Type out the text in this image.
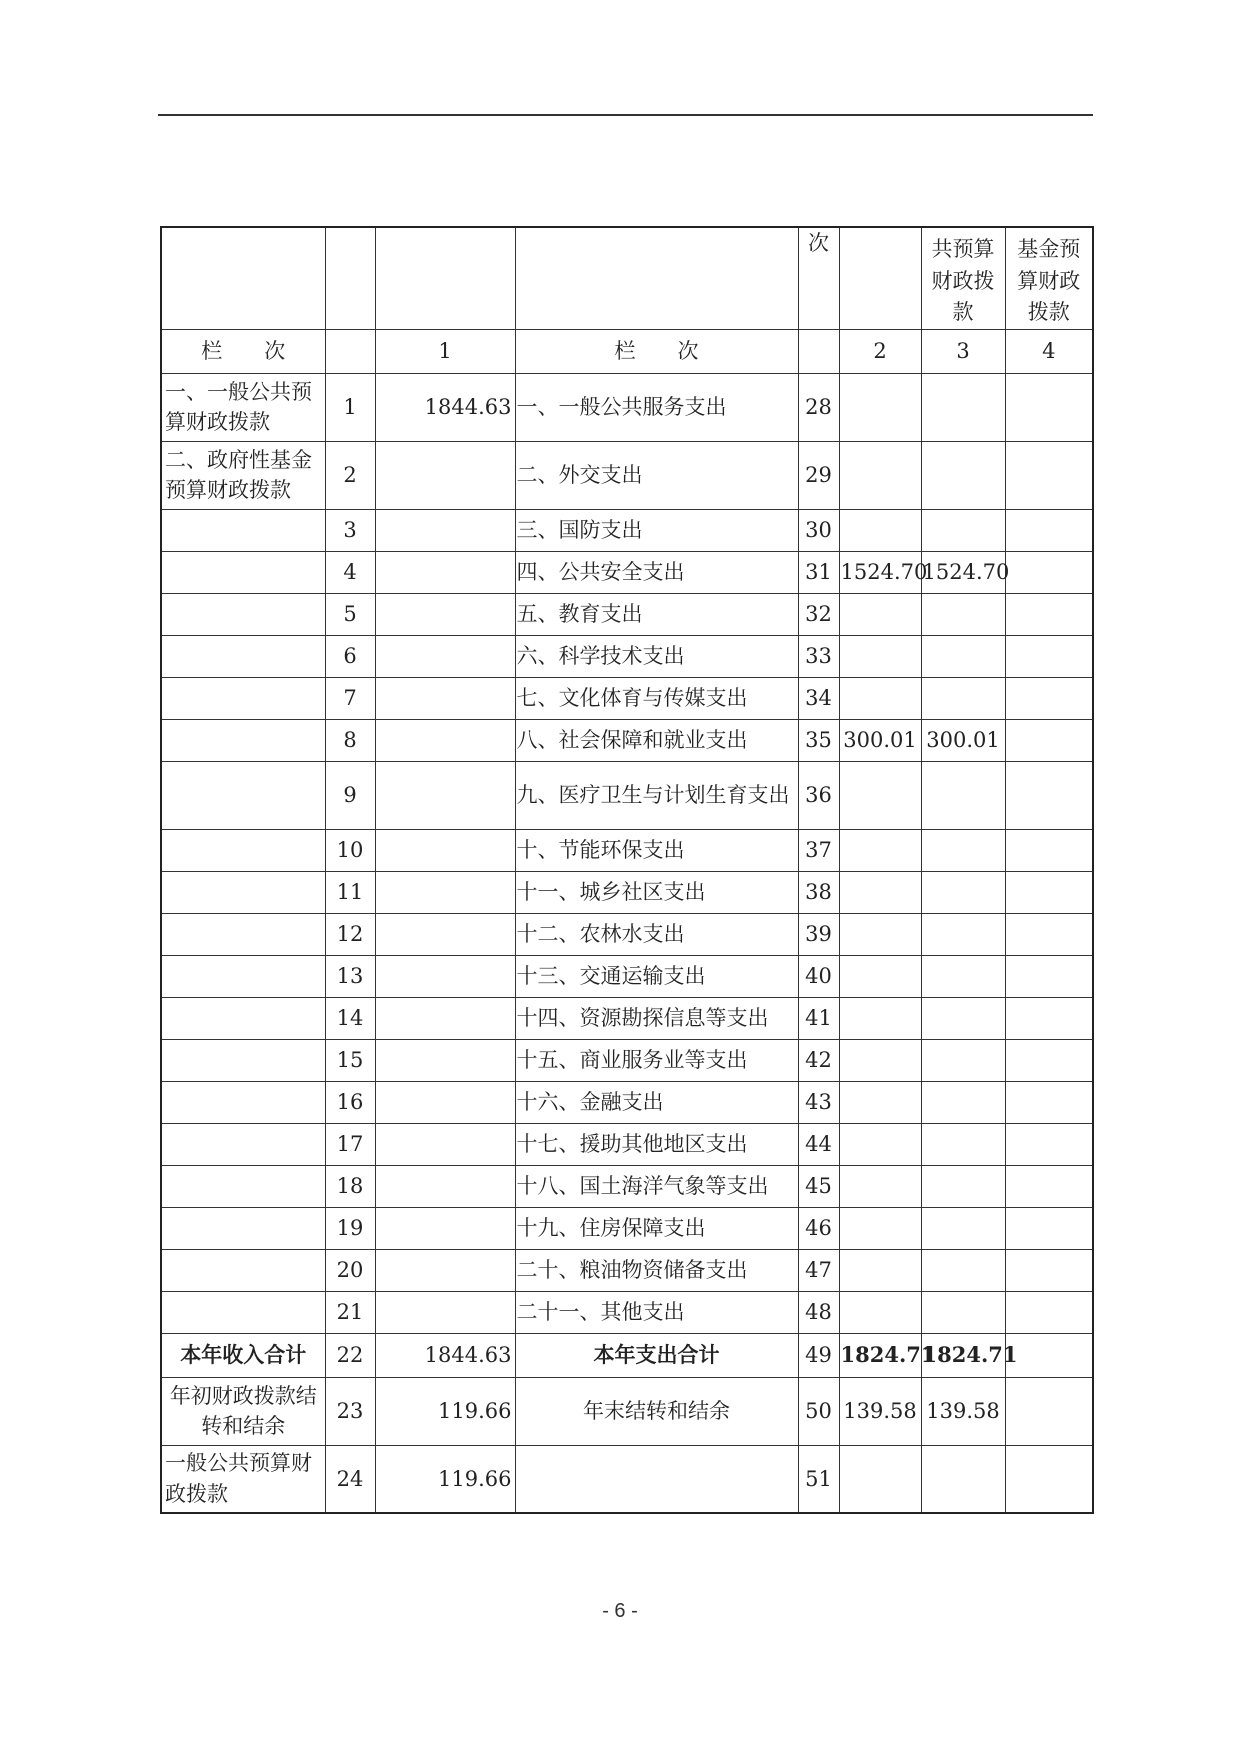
				次		共预算财政拨款	基金预算财政拨款
栏　　次		1	栏　　次		2	3	4
一、一般公共预算财政拨款	1	1844.63	一、一般公共服务支出	28			
二、政府性基金预算财政拨款	2		二、外交支出	29			
	3		三、国防支出	30			
	4		四、公共安全支出	31	1524.70	1524.70	
	5		五、教育支出	32			
	6		六、科学技术支出	33			
	7		七、文化体育与传媒支出	34			
	8		八、社会保障和就业支出	35	300.01	300.01	
	9		九、医疗卫生与计划生育支出	36			
	10		十、节能环保支出	37			
	11		十一、城乡社区支出	38			
	12		十二、农林水支出	39			
	13		十三、交通运输支出	40			
	14		十四、资源勘探信息等支出	41			
	15		十五、商业服务业等支出	42			
	16		十六、金融支出	43			
	17		十七、援助其他地区支出	44			
	18		十八、国土海洋气象等支出	45			
	19		十九、住房保障支出	46			
	20		二十、粮油物资储备支出	47			
	21		二十一、其他支出	48			
本年收入合计	22	1844.63	本年支出合计	49	1824.71	1824.71	
年初财政拨款结转和结余	23	119.66	年末结转和结余	50	139.58	139.58	
一般公共预算财政拨款	24	119.66		51			
- 6 -
